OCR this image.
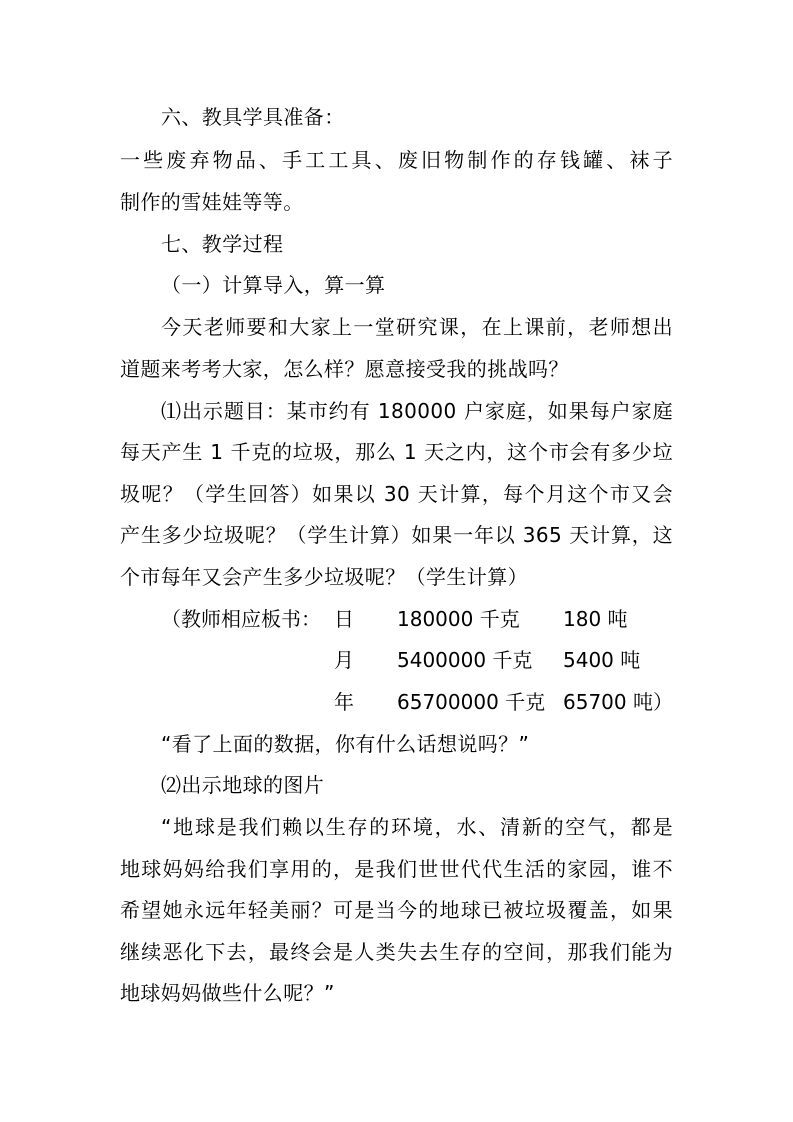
六、教具学具准备：
一些废弃物品、手工工具、废旧物制作的存钱罐、袜子
制作的雪娃娃等等。
七、教学过程
（一）计算导入，算一算
今天老师要和大家上一堂研究课，在上课前，老师想出
道题来考考大家，怎么样？愿意接受我的挑战吗？
⑴出示题目：某市约有 180000 户家庭，如果每户家庭
每天产生 1 千克的垃圾，那么 1 天之内，这个市会有多少垃
圾呢？（学生回答）如果以 30 天计算，每个月这个市又会
产生多少垃圾呢？（学生计算）如果一年以 365 天计算，这
个市每年又会产生多少垃圾呢？（学生计算）
（教师相应板书： 日 180000 千克 180 吨
月 5400000 千克 5400 吨
年 65700000 千克 65700 吨）
“看了上面的数据，你有什么话想说吗？”
⑵出示地球的图片
“地球是我们赖以生存的环境，水、清新的空气，都是
地球妈妈给我们享用的，是我们世世代代生活的家园，谁不
希望她永远年轻美丽？可是当今的地球已被垃圾覆盖，如果
继续恶化下去，最终会是人类失去生存的空间，那我们能为
地球妈妈做些什么呢？”
